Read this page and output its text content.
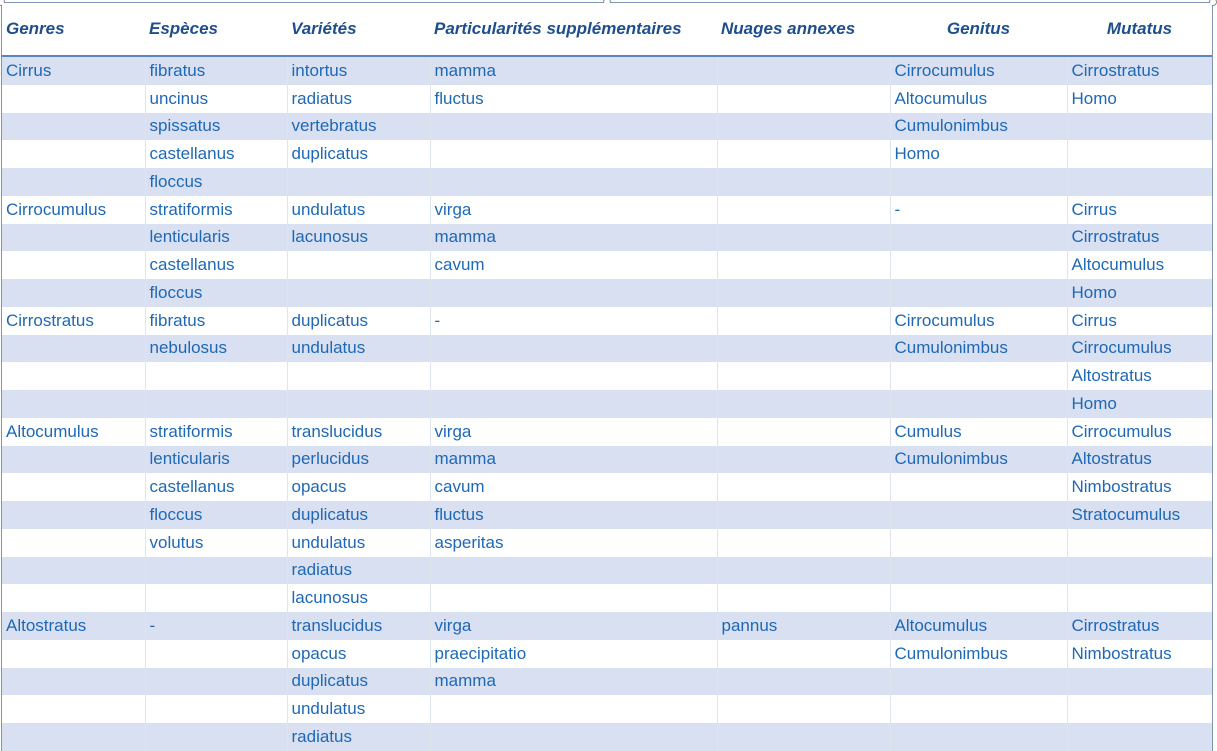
Genres	Espèces	Variétés	Particularités supplémentaires	Nuages annexes	Genitus	Mutatus
Cirrus	fibratus	intortus	mamma		Cirrocumulus	Cirrostratus
	uncinus	radiatus	fluctus		Altocumulus	Homo
	spissatus	vertebratus			Cumulonimbus	
	castellanus	duplicatus			Homo	
	floccus					
Cirrocumulus	stratiformis	undulatus	virga		-	Cirrus
	lenticularis	lacunosus	mamma			Cirrostratus
	castellanus		cavum			Altocumulus
	floccus					Homo
Cirrostratus	fibratus	duplicatus	-		Cirrocumulus	Cirrus
	nebulosus	undulatus			Cumulonimbus	Cirrocumulus
						Altostratus
						Homo
Altocumulus	stratiformis	translucidus	virga		Cumulus	Cirrocumulus
	lenticularis	perlucidus	mamma		Cumulonimbus	Altostratus
	castellanus	opacus	cavum			Nimbostratus
	floccus	duplicatus	fluctus			Stratocumulus
	volutus	undulatus	asperitas			
		radiatus				
		lacunosus				
Altostratus	-	translucidus	virga	pannus	Altocumulus	Cirrostratus
		opacus	praecipitatio		Cumulonimbus	Nimbostratus
		duplicatus	mamma			
		undulatus				
		radiatus				
